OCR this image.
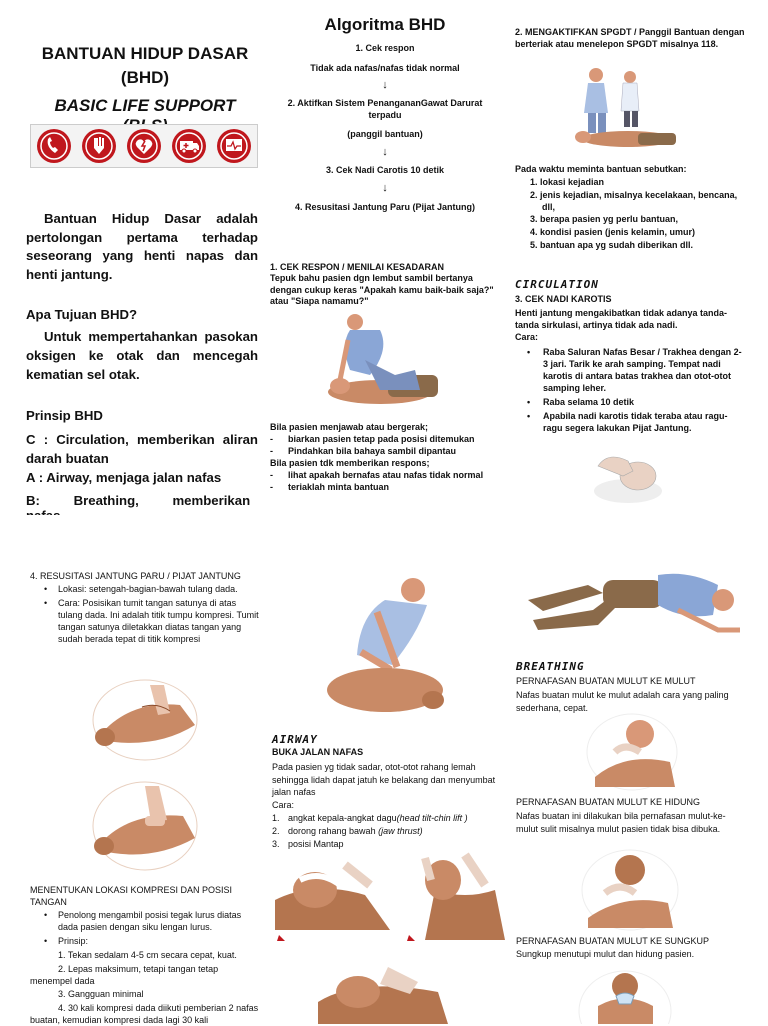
BANTUAN HIDUP DASAR
(BHD)
BASIC LIFE SUPPORT

Bantuan Hidup Dasar adalah pertolongan pertama terhadap seseorang yang henti napas dan henti jantung.

Apa Tujuan BHD?

Untuk mempertahankan pasokan oksigen ke otak dan mencegah kematian sel otak.

Prinsip BHD

C : Circulation, memberikan aliran darah buatan

A : Airway, menjaga jalan nafas

B: Breathing, memberikan

Algoritma BHD
1. Cek respon
Tidak ada nafas/nafas tidak normal
↓
2. Aktifkan Sistem PenangananGawat Darurat terpadu
(panggil bantuan)
↓
3. Cek Nadi Carotis 10 detik
↓
4. Resusitasi Jantung Paru (Pijat Jantung)
1. CEK RESPON / MENILAI KESADARAN
Tepuk bahu pasien dgn lembut sambil bertanya dengan cukup keras "Apakah kamu baik-baik saja?" atau "Siapa namamu?"
Bila pasien menjawab atau bergerak;
-	biarkan pasien tetap pada posisi ditemukan
-	Pindahkan bila bahaya sambil dipantau
Bila pasien tdk memberikan respons;
-	lihat apakah bernafas atau nafas tidak normal
-	teriaklah minta bantuan
2. MENGAKTIFKAN SPGDT / Panggil Bantuan dengan berteriak atau menelepon SPGDT misalnya 118.
Pada waktu meminta bantuan sebutkan:
1. lokasi kejadian
2. jenis kejadian, misalnya kecelakaan, bencana, dll,
3. berapa pasien yg perlu bantuan,
4. kondisi pasien (jenis kelamin, umur)
5. bantuan apa yg sudah diberikan dll.
CIRCULATION
3. CEK NADI KAROTIS
Henti jantung mengakibatkan tidak adanya tanda-tanda sirkulasi, artinya tidak ada nadi.
Cara:
•	Raba Saluran Nafas Besar / Trakhea dengan 2-3 jari. Tarik ke arah samping. Tempat nadi karotis di antara batas trakhea dan otot-otot samping leher.
•	Raba selama 10 detik
•	Apabila nadi karotis tidak teraba atau ragu-ragu segera lakukan Pijat Jantung.
4. RESUSITASI JANTUNG PARU / PIJAT JANTUNG
•	Lokasi: setengah-bagian-bawah tulang dada.
•	Cara: Posisikan tumit tangan satunya di atas tulang dada. Ini adalah titik tumpu kompresi. Tumit tangan satunya diletakkan diatas tangan yang sudah berada tepat di titik kompresi
MENENTUKAN LOKASI KOMPRESI DAN POSISI TANGAN
•	Penolong mengambil posisi tegak lurus diatas dada pasien dengan siku lengan lurus.
•	Prinsip:
1. Tekan sedalam 4-5 cm secara cepat, kuat.
2. Lepas maksimum, tetapi tangan tetap menempel dada
3. Gangguan minimal
4. 30 kali kompresi dada diikuti pemberian 2 nafas buatan, kemudian kompresi dada lagi 30 kali
AIRWAY
BUKA JALAN NAFAS
Pada pasien yg tidak sadar, otot-otot rahang lemah sehingga lidah dapat jatuh ke belakang dan menyumbat jalan nafas
Cara:
1. angkat kepala-angkat dagu (head tilt-chin lift )
2. dorong rahang bawah (jaw thrust)
3. posisi Mantap
BREATHING
PERNAFASAN BUATAN MULUT KE MULUT
Nafas buatan mulut ke mulut adalah cara yang paling sederhana, cepat.
PERNAFASAN BUATAN MULUT KE HIDUNG
Nafas buatan ini dilakukan bila pernafasan mulut-ke-mulut sulit misalnya mulut pasien tidak bisa dibuka.
PERNAFASAN BUATAN MULUT KE SUNGKUP
Sungkup menutupi mulut dan hidung pasien.
